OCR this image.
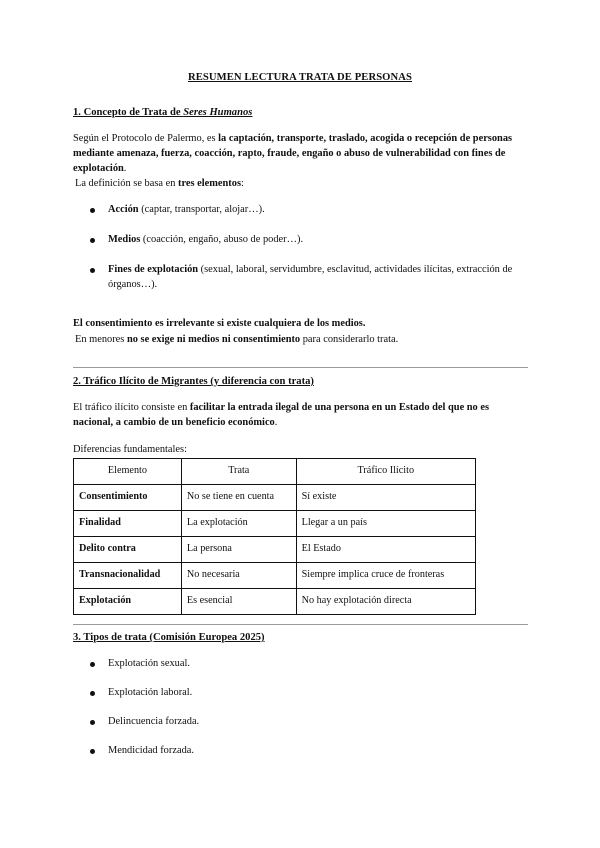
RESUMEN LECTURA TRATA DE PERSONAS
1. Concepto de Trata de Seres Humanos
Según el Protocolo de Palermo, es la captación, transporte, traslado, acogida o recepción de personas mediante amenaza, fuerza, coacción, rapto, fraude, engaño o abuso de vulnerabilidad con fines de explotación.
La definición se basa en tres elementos:
Acción (captar, transportar, alojar…).
Medios (coacción, engaño, abuso de poder…).
Fines de explotación (sexual, laboral, servidumbre, esclavitud, actividades ilícitas, extracción de órganos…).
El consentimiento es irrelevante si existe cualquiera de los medios.
En menores no se exige ni medios ni consentimiento para considerarlo trata.
2. Tráfico Ilícito de Migrantes (y diferencia con trata)
El tráfico ilícito consiste en facilitar la entrada ilegal de una persona en un Estado del que no es nacional, a cambio de un beneficio económico.
Diferencias fundamentales:
Elemento	Trata	Tráfico Ilícito
Consentimiento	No se tiene en cuenta	Sí existe
Finalidad	La explotación	Llegar a un país
Delito contra	La persona	El Estado
Transnacionalidad	No necesaria	Siempre implica cruce de fronteras
Explotación	Es esencial	No hay explotación directa
3. Tipos de trata (Comisión Europea 2025)
Explotación sexual.
Explotación laboral.
Delincuencia forzada.
Mendicidad forzada.
